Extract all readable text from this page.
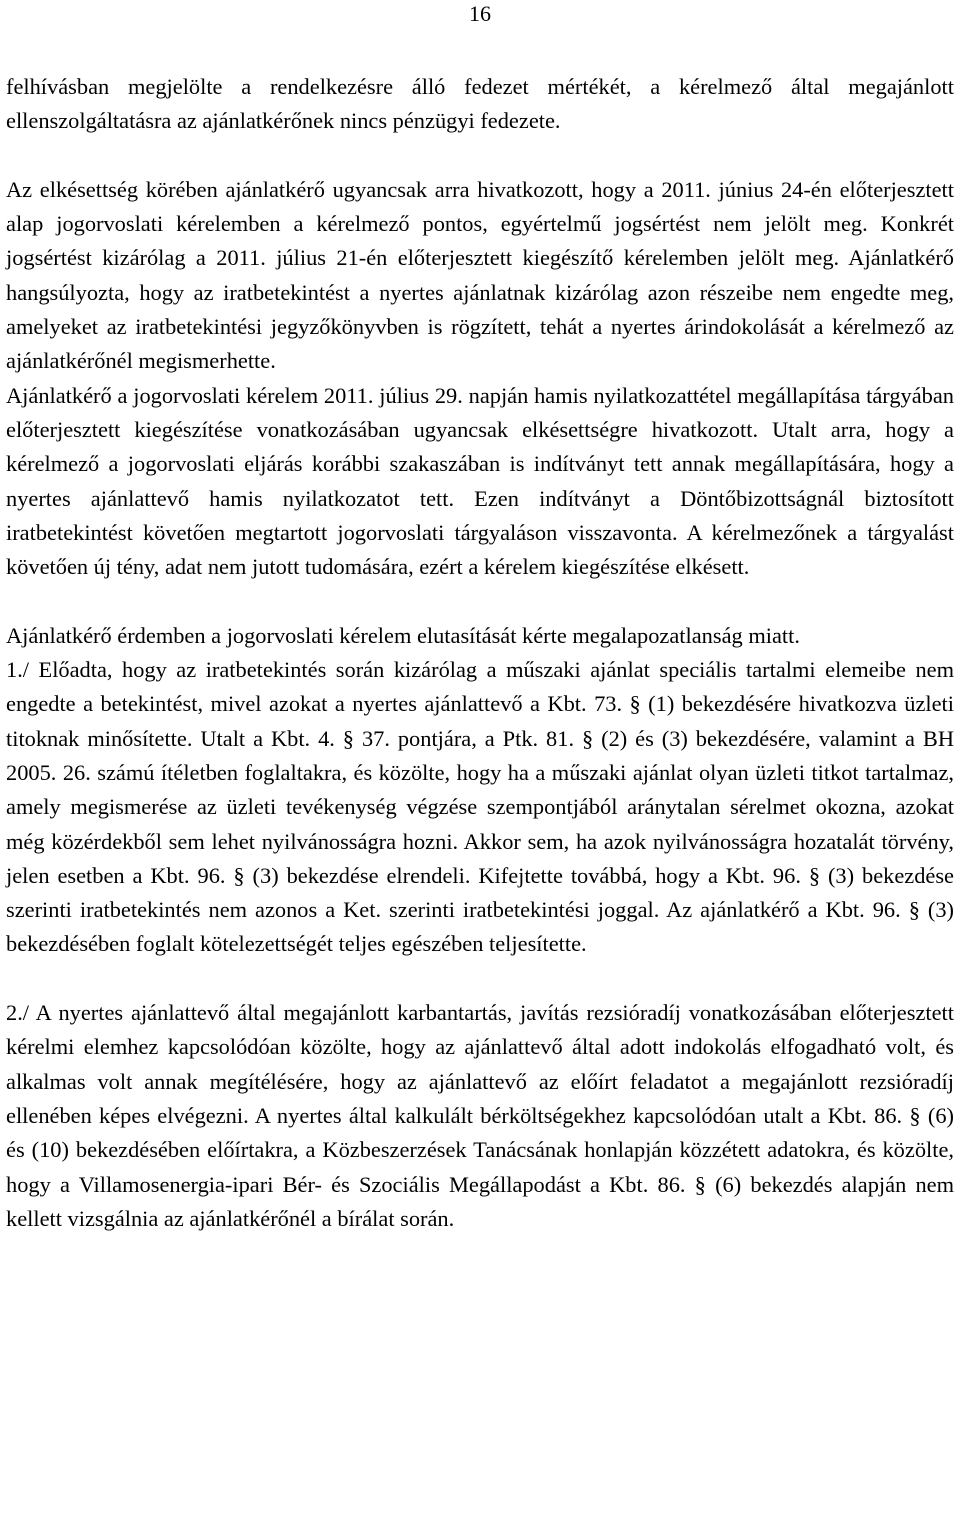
16

felhívásban megjelölte a rendelkezésre álló fedezet mértékét, a kérelmező által megajánlott ellenszolgáltatásra az ajánlatkérőnek nincs pénzügyi fedezete.

Az elkésettség körében ajánlatkérő ugyancsak arra hivatkozott, hogy a 2011. június 24-én előterjesztett alap jogorvoslati kérelemben a kérelmező pontos, egyértelmű jogsértést nem jelölt meg. Konkrét jogsértést kizárólag a 2011. július 21-én előterjesztett kiegészítő kérelemben jelölt meg. Ajánlatkérő hangsúlyozta, hogy az iratbetekintést a nyertes ajánlatnak kizárólag azon részeibe nem engedte meg, amelyeket az iratbetekintési jegyzőkönyvben is rögzített, tehát a nyertes árindokolását a kérelmező az ajánlatkérőnél megismerhette.

Ajánlatkérő a jogorvoslati kérelem 2011. július 29. napján hamis nyilatkozattétel megállapítása tárgyában előterjesztett kiegészítése vonatkozásában ugyancsak elkésettségre hivatkozott. Utalt arra, hogy a kérelmező a jogorvoslati eljárás korábbi szakaszában is indítványt tett annak megállapítására, hogy a nyertes ajánlattevő hamis nyilatkozatot tett. Ezen indítványt a Döntőbizottságnál biztosított iratbetekintést követően megtartott jogorvoslati tárgyaláson visszavonta. A kérelmezőnek a tárgyalást követően új tény, adat nem jutott tudomására, ezért a kérelem kiegészítése elkésett.

Ajánlatkérő érdemben a jogorvoslati kérelem elutasítását kérte megalapozatlanság miatt.

1./ Előadta, hogy az iratbetekintés során kizárólag a műszaki ajánlat speciális tartalmi elemeibe nem engedte a betekintést, mivel azokat a nyertes ajánlattevő a Kbt. 73. § (1) bekezdésére hivatkozva üzleti titoknak minősítette. Utalt a Kbt. 4. § 37. pontjára, a Ptk. 81. § (2) és (3) bekezdésére, valamint a BH 2005. 26. számú ítéletben foglaltakra, és közölte, hogy ha a műszaki ajánlat olyan üzleti titkot tartalmaz, amely megismerése az üzleti tevékenység végzése szempontjából aránytalan sérelmet okozna, azokat még közérdekből sem lehet nyilvánosságra hozni. Akkor sem, ha azok nyilvánosságra hozatalát törvény, jelen esetben a Kbt. 96. § (3) bekezdése elrendeli. Kifejtette továbbá, hogy a Kbt. 96. § (3) bekezdése szerinti iratbetekintés nem azonos a Ket. szerinti iratbetekintési joggal. Az ajánlatkérő a Kbt. 96. § (3) bekezdésében foglalt kötelezettségét teljes egészében teljesítette.

2./ A nyertes ajánlattevő által megajánlott karbantartás, javítás rezsióradíj vonatkozásában előterjesztett kérelmi elemhez kapcsolódóan közölte, hogy az ajánlattevő által adott indokolás elfogadható volt, és alkalmas volt annak megítélésére, hogy az ajánlattevő az előírt feladatot a megajánlott rezsióradíj ellenében képes elvégezni. A nyertes által kalkulált bérköltségekhez kapcsolódóan utalt a Kbt. 86. § (6) és (10) bekezdésében előírtakra, a Közbeszerzések Tanácsának honlapján közzétett adatokra, és közölte, hogy a Villamosenergia-ipari Bér- és Szociális Megállapodást a Kbt. 86. § (6) bekezdés alapján nem kellett vizsgálnia az ajánlatkérőnél a bírálat során.
